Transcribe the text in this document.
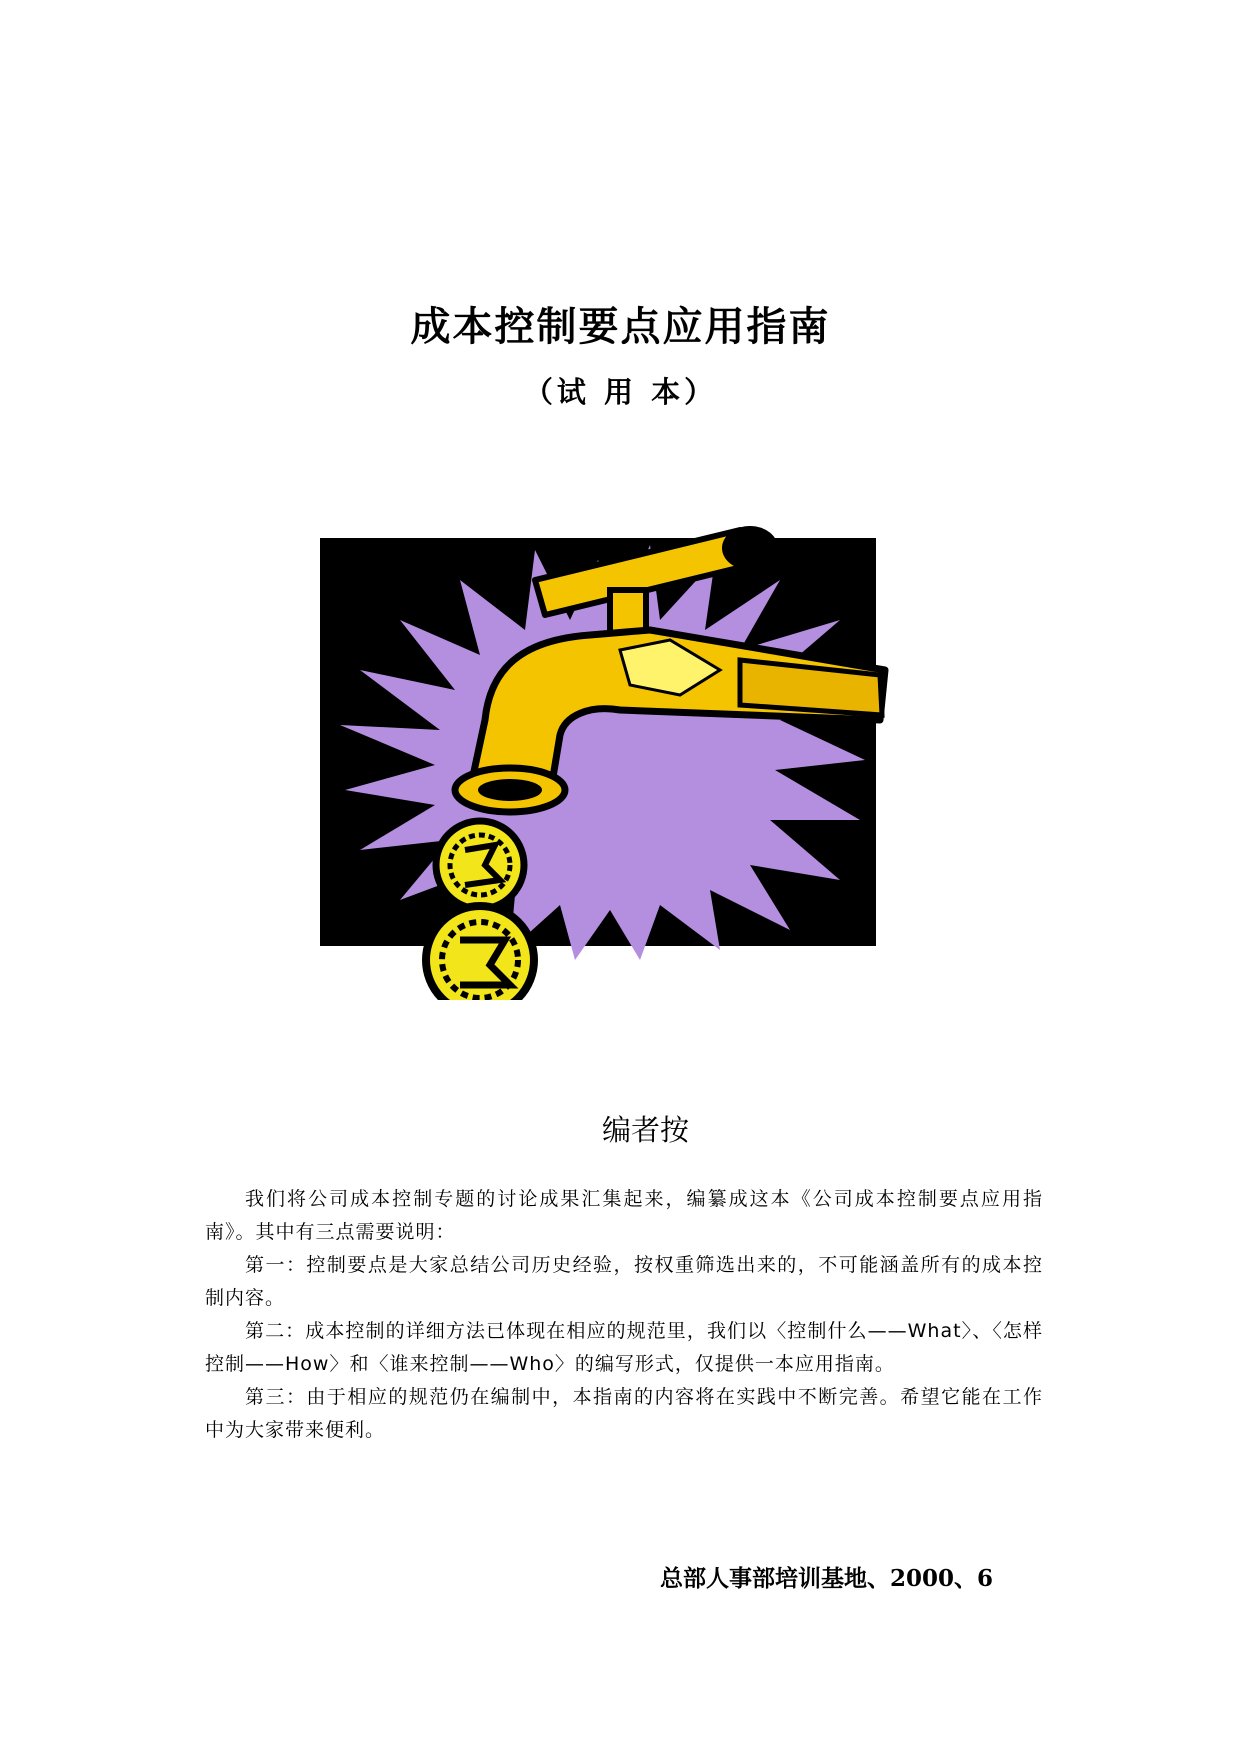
成本控制要点应用指南
（试 用 本）
编者按

我们将公司成本控制专题的讨论成果汇集起来，编纂成这本《公司成本控制要点应用指南》。其中有三点需要说明：

第一：控制要点是大家总结公司历史经验，按权重筛选出来的，不可能涵盖所有的成本控制内容。

第二：成本控制的详细方法已体现在相应的规范里，我们以〈控制什么——What〉、〈怎样控制——How〉和〈谁来控制——Who〉的编写形式，仅提供一本应用指南。

第三：由于相应的规范仍在编制中，本指南的内容将在实践中不断完善。希望它能在工作中为大家带来便利。

总部人事部培训基地、2000、6
